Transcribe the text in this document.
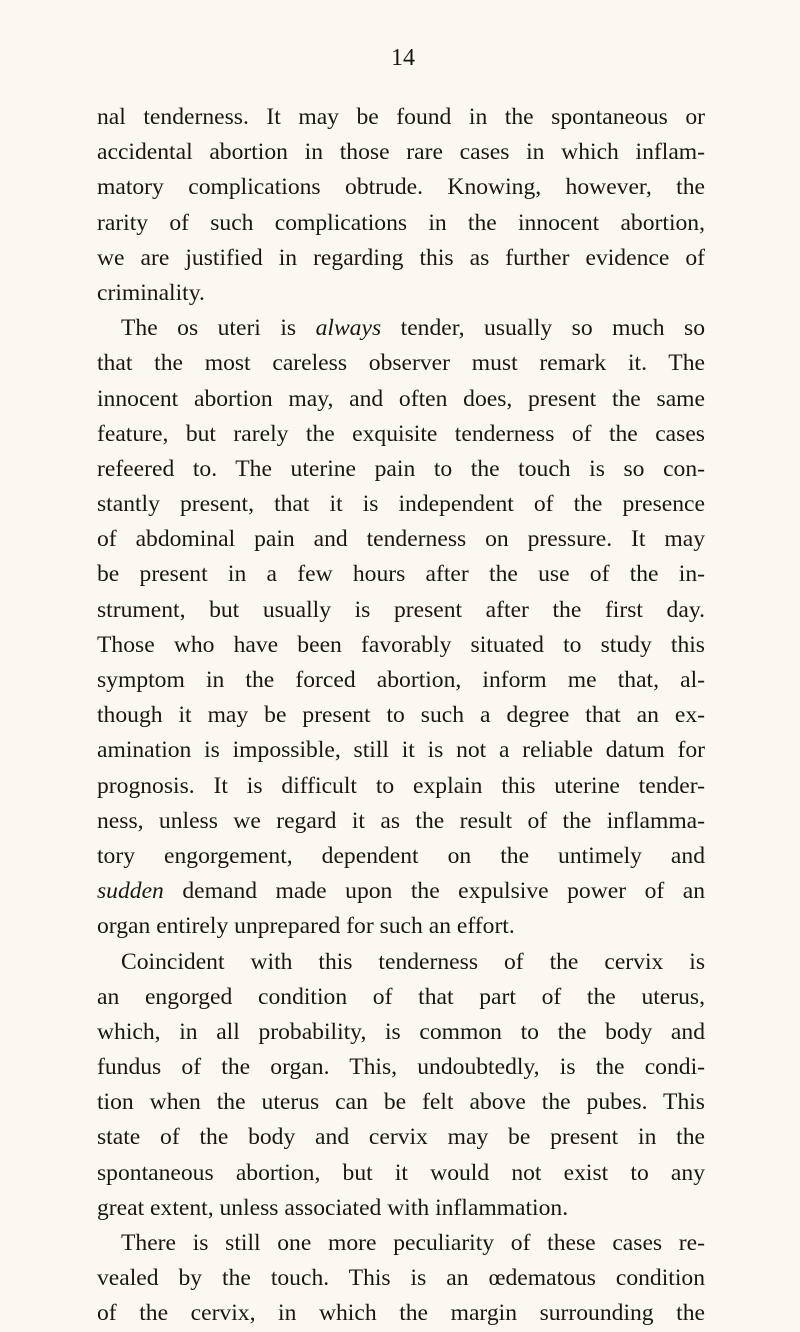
14
nal tenderness. It may be found in the spontaneous or
accidental abortion in those rare cases in which inflam-
matory complications obtrude. Knowing, however, the
rarity of such complications in the innocent abortion,
we are justified in regarding this as further evidence of
criminality.
The os uteri is always tender, usually so much so
that the most careless observer must remark it. The
innocent abortion may, and often does, present the same
feature, but rarely the exquisite tenderness of the cases
refeered to. The uterine pain to the touch is so con-
stantly present, that it is independent of the presence
of abdominal pain and tenderness on pressure. It may
be present in a few hours after the use of the in-
strument, but usually is present after the first day.
Those who have been favorably situated to study this
symptom in the forced abortion, inform me that, al-
though it may be present to such a degree that an ex-
amination is impossible, still it is not a reliable datum for
prognosis. It is difficult to explain this uterine tender-
ness, unless we regard it as the result of the inflamma-
tory engorgement, dependent on the untimely and
sudden demand made upon the expulsive power of an
organ entirely unprepared for such an effort.
Coincident with this tenderness of the cervix is
an engorged condition of that part of the uterus,
which, in all probability, is common to the body and
fundus of the organ. This, undoubtedly, is the condi-
tion when the uterus can be felt above the pubes. This
state of the body and cervix may be present in the
spontaneous abortion, but it would not exist to any
great extent, unless associated with inflammation.
There is still one more peculiarity of these cases re-
vealed by the touch. This is an œdematous condition
of the cervix, in which the margin surrounding the
